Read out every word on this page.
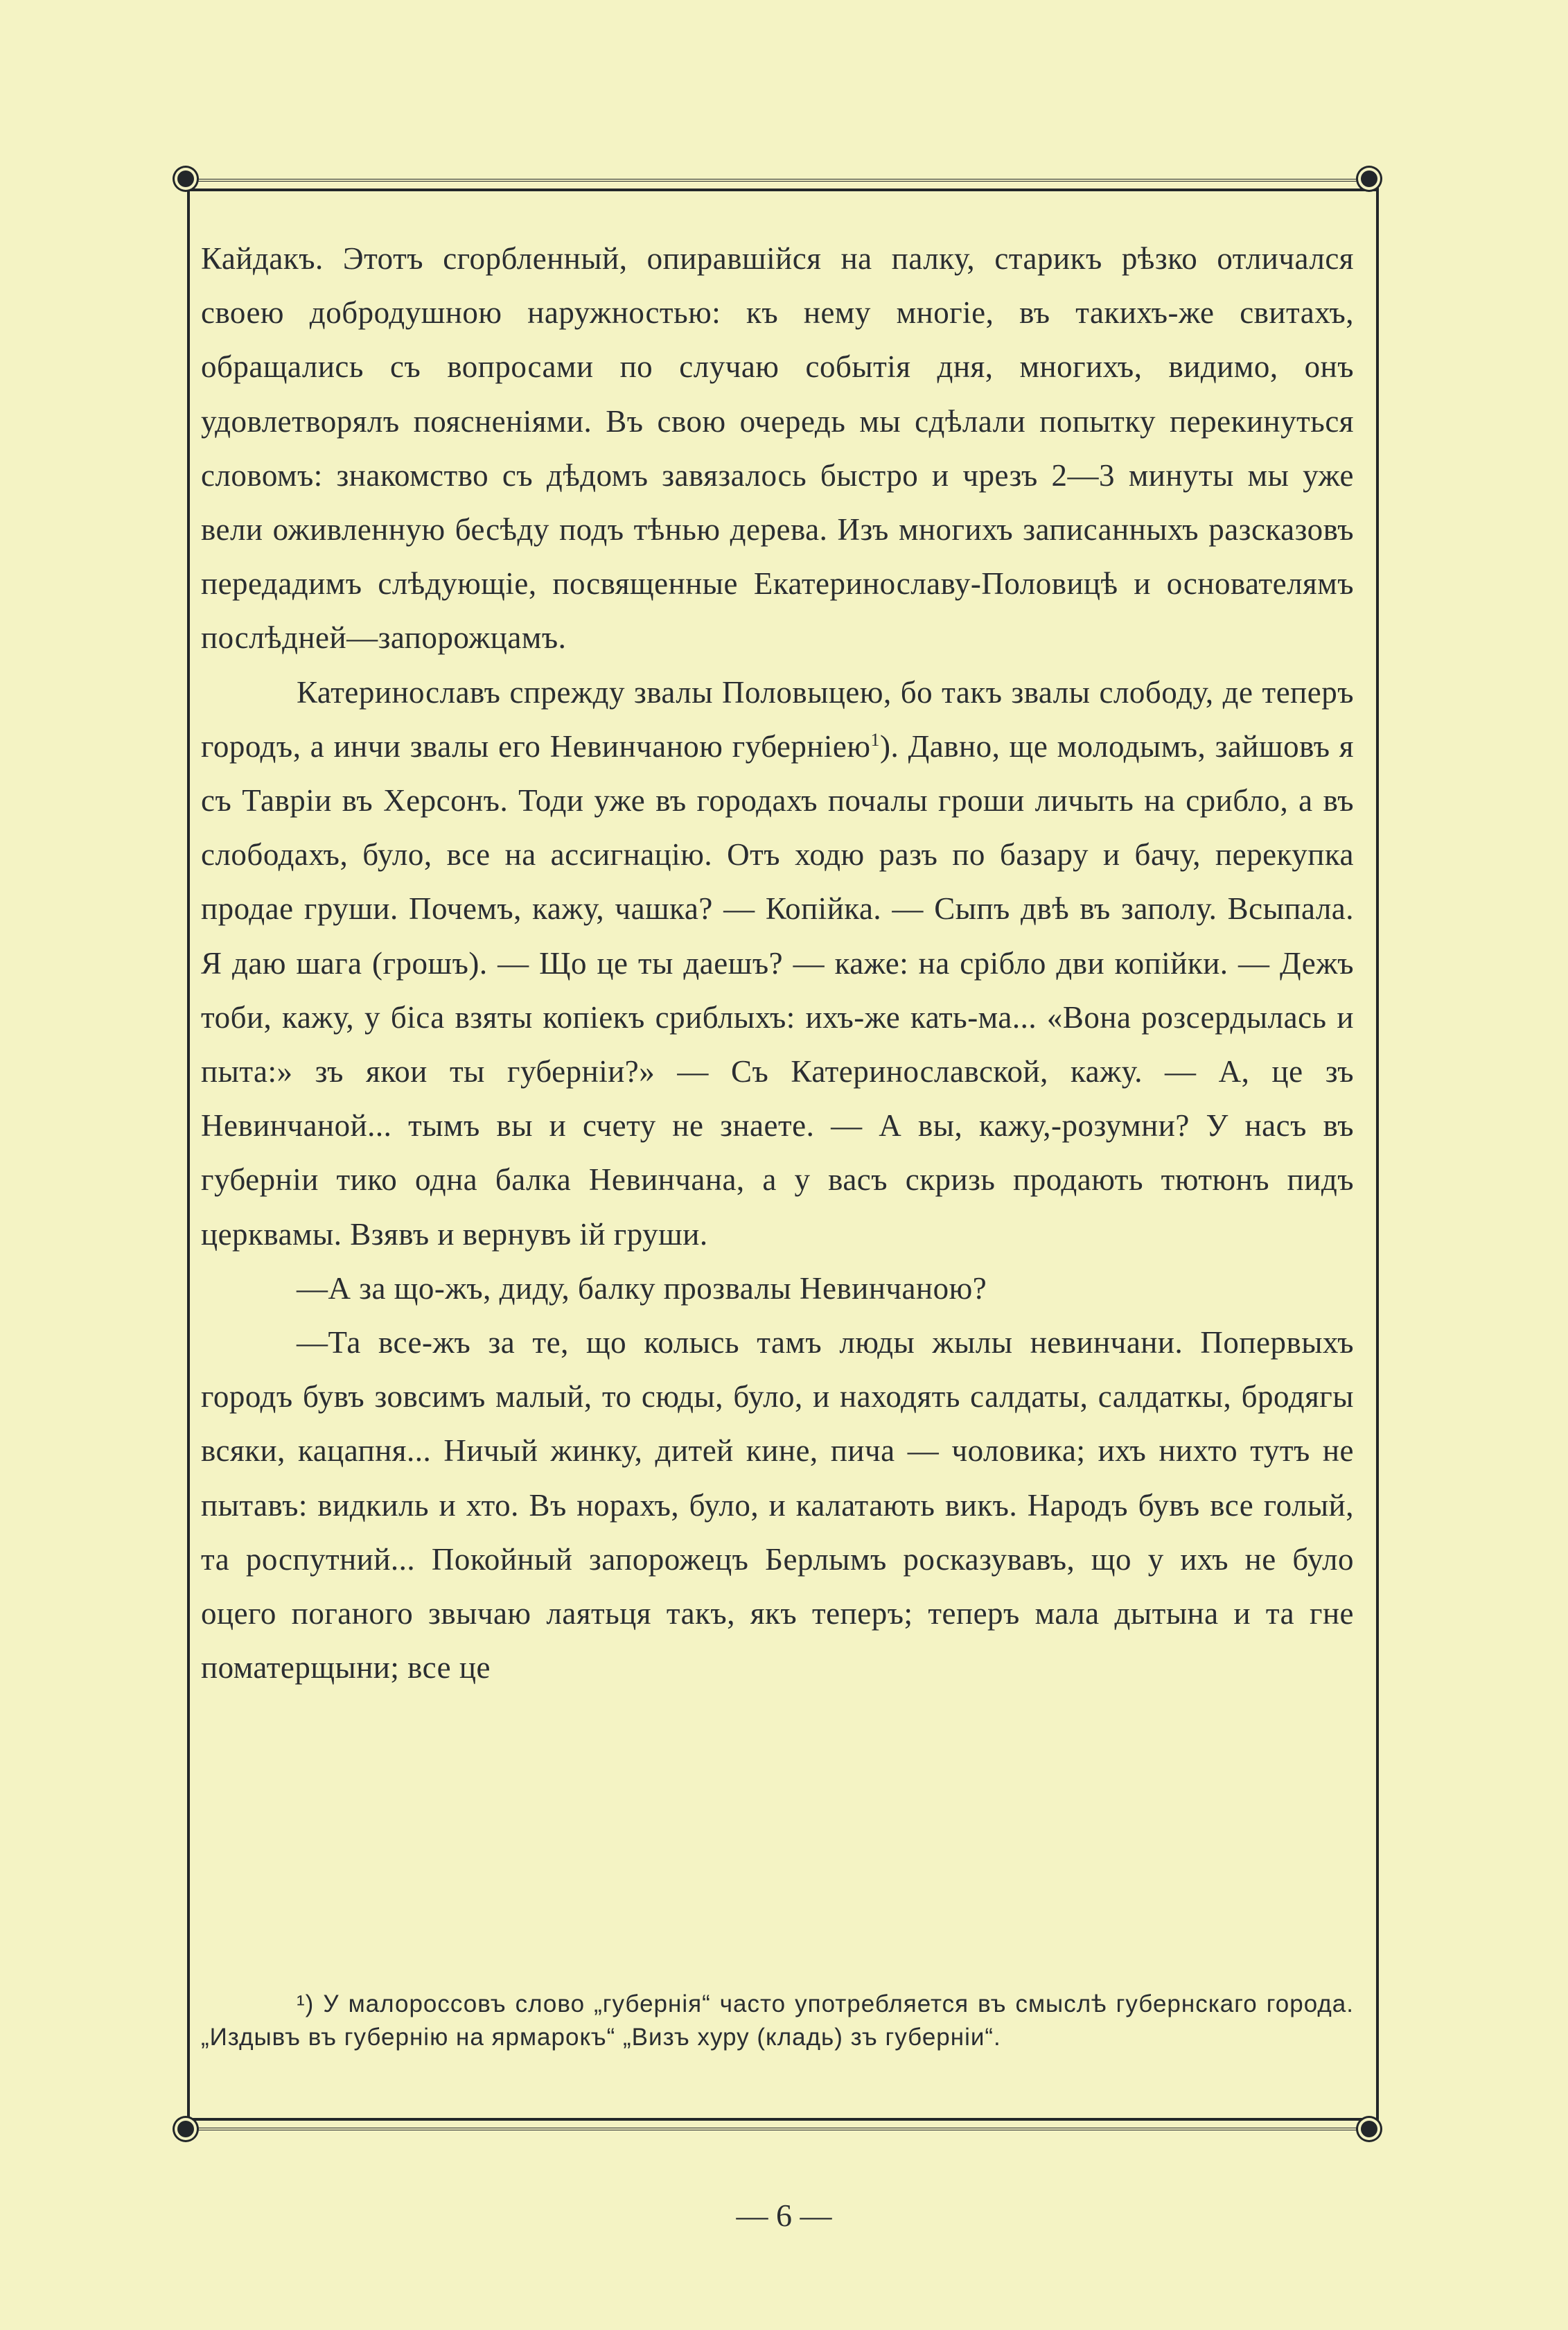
Кайдакъ. Этотъ сгорбленный, опиравшійся на палку, старикъ рѣзко отличался своею добродушною наружностью: къ нему многіе, въ такихъ-же свитахъ, обращались съ вопросами по случаю событія дня, многихъ, видимо, онъ удовлетворялъ поясненіями. Въ свою очередь мы сдѣлали попытку перекинуться словомъ: знакомство съ дѣдомъ завязалось быстро и чрезъ 2—3 минуты мы уже вели оживленную бесѣду подъ тѣнью дерева. Изъ многихъ записанныхъ разсказовъ передадимъ слѣдующіе, посвященные Екатеринославу-Половицѣ и основателямъ послѣдней—запорожцамъ.

Катеринославъ спрежду звалы Половыцею, бо такъ звалы слободу, де теперъ городъ, а инчи звалы его Невинчаною губерніею$^1$). Давно, ще молодымъ, зайшовъ я съ Тавріи въ Херсонъ. Тоди уже въ городахъ почалы гроши личыть на срибло, а въ слободахъ, було, все на ассигнацію. Отъ ходю разъ по базару и бачу, перекупка продае груши. Почемъ, кажу, чашка? — Копійка. — Сыпъ двѣ въ заполу. Всыпала. Я даю шага (грошъ). — Що це ты даешъ? — каже: на срібло дви копійки. — Дежъ тоби, кажу, у біса взяты копіекъ сриблыхъ: ихъ-же кать-ма... «Вона розсердылась и пыта:» зъ якои ты губерніи?» — Съ Катеринославской, кажу. — А, це зъ Невинчаной... тымъ вы и счету не знаете. — А вы, кажу,-розумни? У насъ въ губерніи тико одна балка Невинчана, а у васъ скризь продають тютюнъ пидъ церквамы. Взявъ и вернувъ ій груши.

—А за що-жъ, диду, балку прозвалы Невинчаною?

—Та все-жъ за те, що колысь тамъ люды жылы невинчани. Попервыхъ городъ бувъ зовсимъ малый, то сюды, було, и находять салдаты, салдаткы, бродягы всяки, кацапня... Ничый жинку, дитей кине, пича — чоловика; ихъ нихто тутъ не пытавъ: видкиль и хто. Въ норахъ, було, и калатають викъ. Народъ бувъ все голый, та роспутний... Покойный запорожецъ Берлымъ росказувавъ, що у ихъ не було оцего поганого звычаю лаятьця такъ, якъ теперъ; теперъ мала дытына и та гне поматерщыни; все це

¹) У малороссовъ слово „губернія“ часто употребляется въ смыслѣ губернскаго города. „Издывъ въ губернію на ярмарокъ“ „Визъ хуру (кладь) зъ губерніи“.
— 6 —
